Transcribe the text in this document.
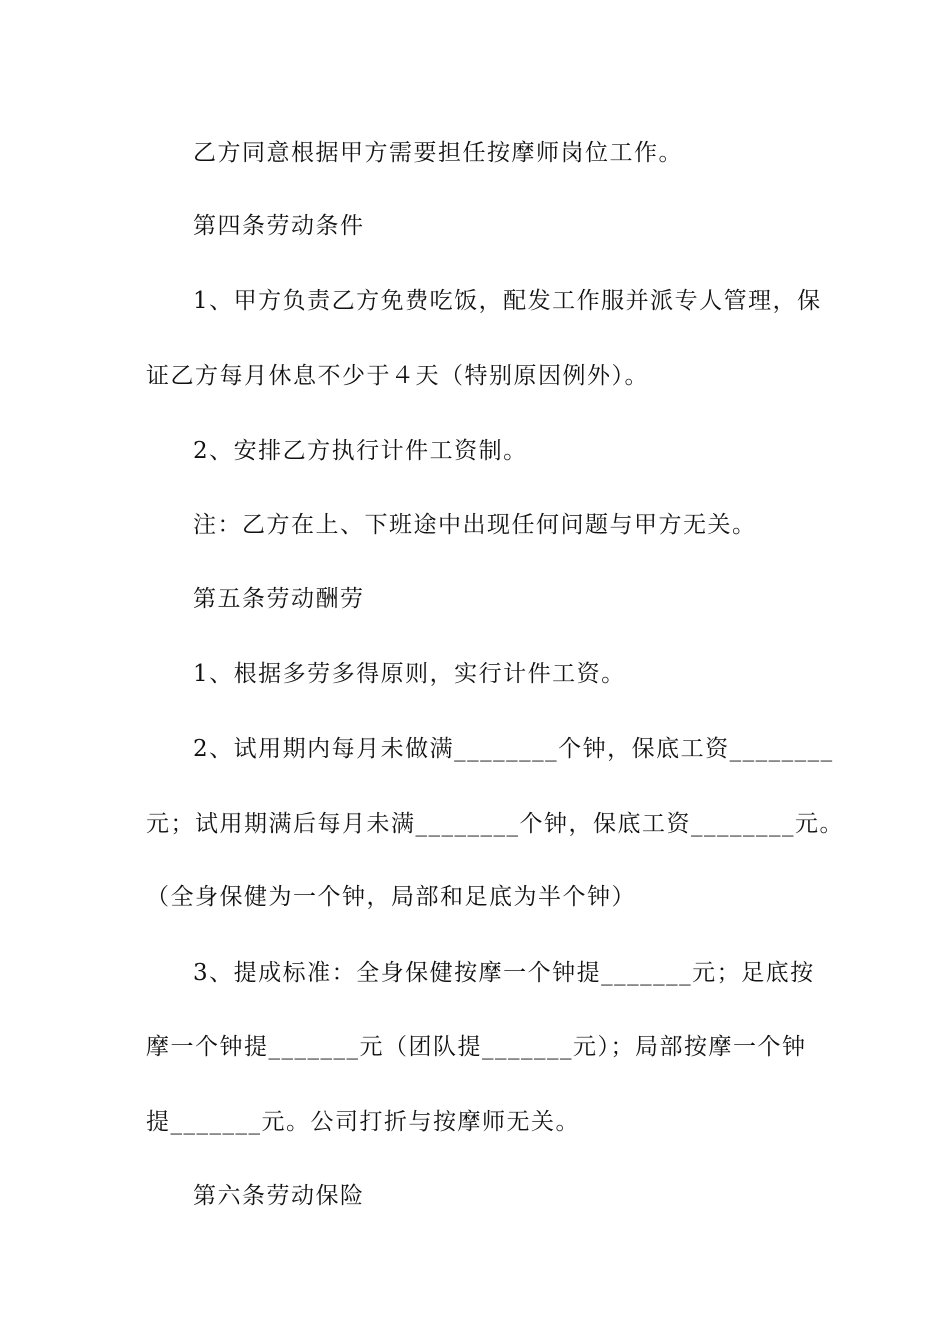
乙方同意根据甲方需要担任按摩师岗位工作。
第四条劳动条件
1、甲方负责乙方免费吃饭，配发工作服并派专人管理，保
证乙方每月休息不少于４天（特别原因例外）。
2、安排乙方执行计件工资制。
注：乙方在上、下班途中出现任何问题与甲方无关。
第五条劳动酬劳
1、根据多劳多得原则，实行计件工资。
2、试用期内每月未做满________个钟，保底工资________
元；试用期满后每月未满________个钟，保底工资________元。
（全身保健为一个钟，局部和足底为半个钟）
3、提成标准：全身保健按摩一个钟提_______元；足底按
摩一个钟提_______元（团队提_______元）；局部按摩一个钟
提_______元。公司打折与按摩师无关。
第六条劳动保险
